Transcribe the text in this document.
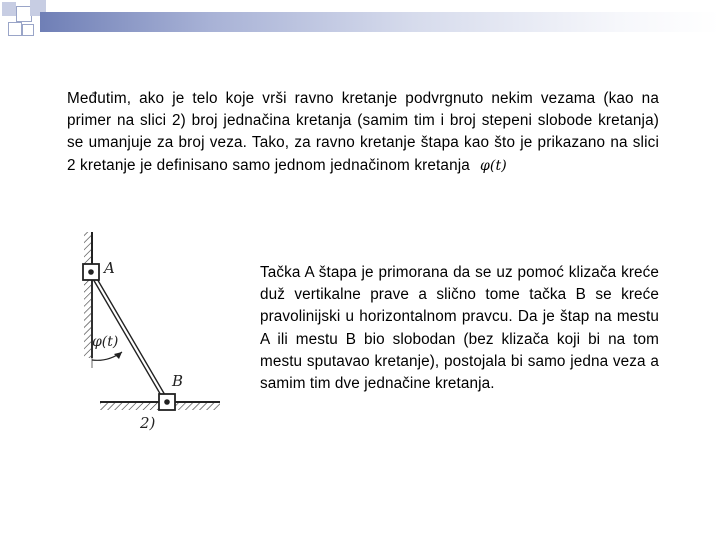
Međutim, ako je telo koje vrši ravno kretanje podvrgnuto nekim vezama (kao na primer na slici 2) broj jednačina kretanja (samim tim i broj stepeni slobode kretanja) se umanjuje za broj veza. Tako, za ravno kretanje štapa kao što je prikazano na slici 2 kretanje je definisano samo jednom jednačinom kretanja φ(t)
A
B
φ(t)
2)
Tačka A štapa je primorana da se uz pomoć klizača kreće duž vertikalne prave a slično tome tačka B se kreće pravolinijski u horizontalnom pravcu. Da je štap na mestu A ili mestu B bio slobodan (bez klizača koji bi na tom mestu sputavao kretanje), postojala bi samo jedna veza a samim tim dve jednačine kretanja.
